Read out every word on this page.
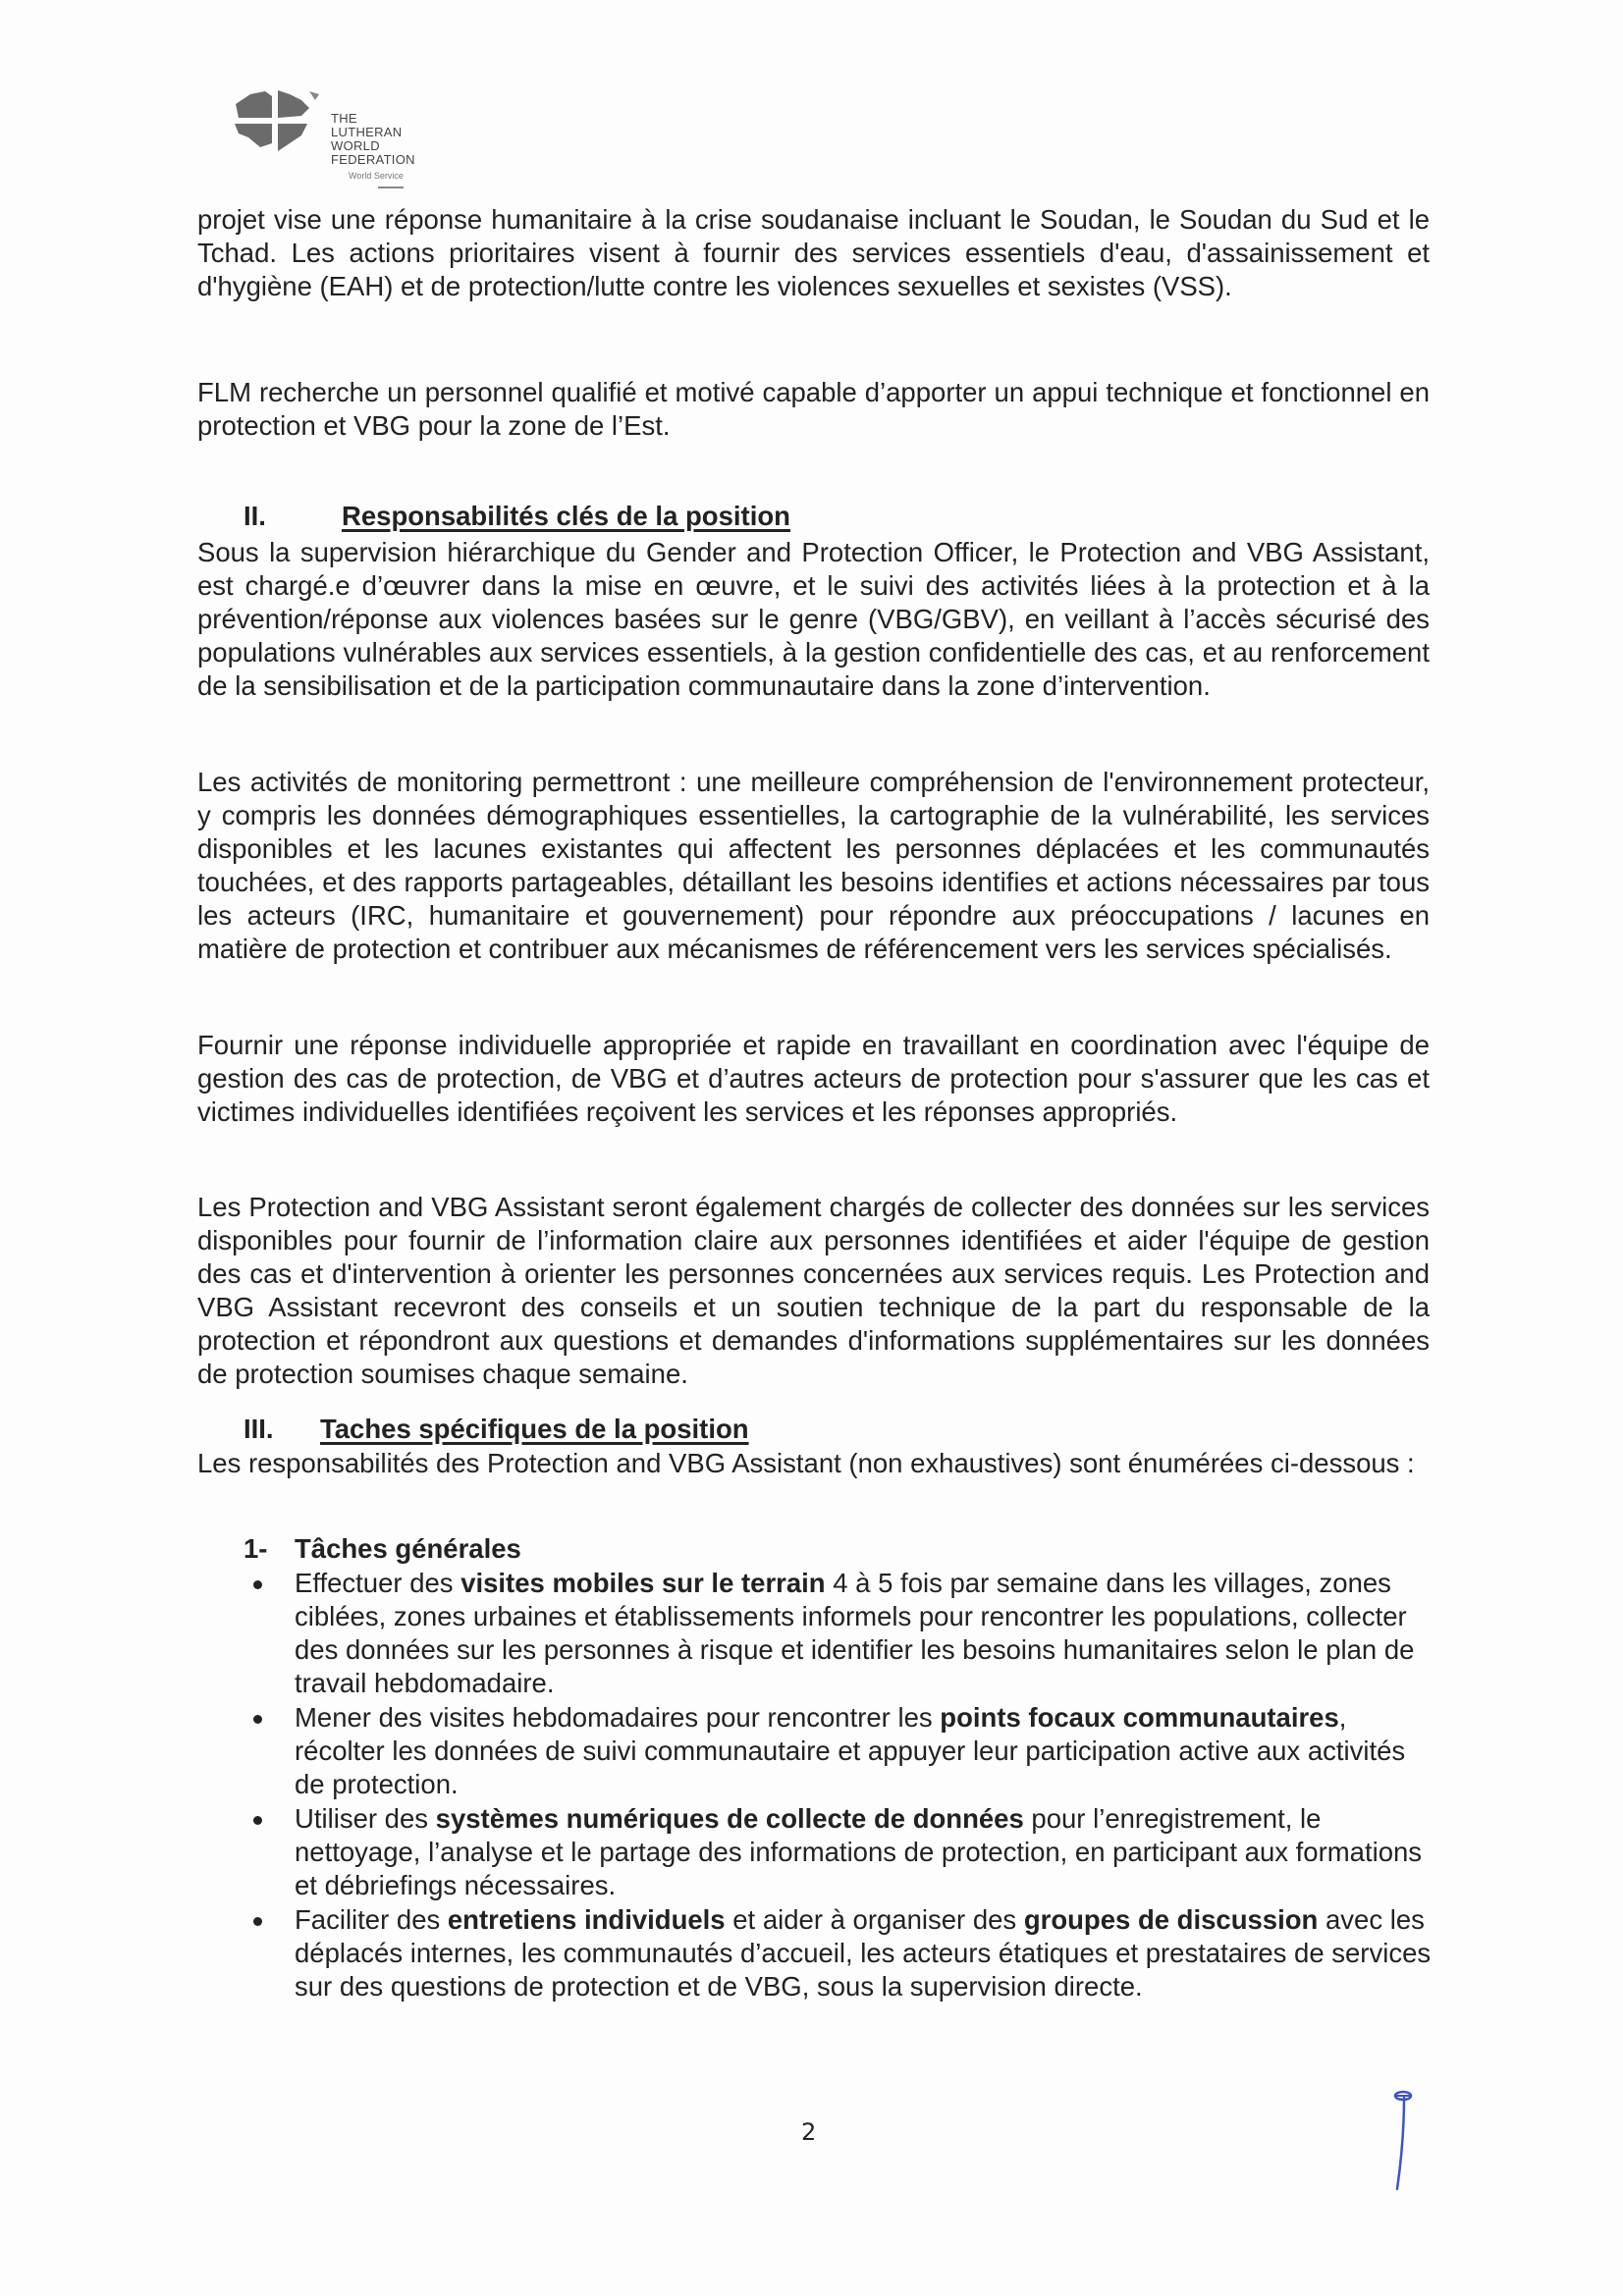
THE
LUTHERAN
WORLD
FEDERATION
World Service

projet vise une réponse humanitaire à la crise soudanaise incluant le Soudan, le Soudan du Sud et le Tchad. Les actions prioritaires visent à fournir des services essentiels d'eau, d'assainissement et d'hygiène (EAH) et de protection/lutte contre les violences sexuelles et sexistes (VSS).

FLM recherche un personnel qualifié et motivé capable d’apporter un appui technique et fonctionnel en protection et VBG pour la zone de l’Est.

II.	Responsabilités clés de la position

Sous la supervision hiérarchique du Gender and Protection Officer, le Protection and VBG Assistant, est chargé.e d’œuvrer dans la mise en œuvre, et le suivi des activités liées à la protection et à la prévention/réponse aux violences basées sur le genre (VBG/GBV), en veillant à l’accès sécurisé des populations vulnérables aux services essentiels, à la gestion confidentielle des cas, et au renforcement de la sensibilisation et de la participation communautaire dans la zone d’intervention.

Les activités de monitoring permettront : une meilleure compréhension de l'environnement protecteur, y compris les données démographiques essentielles, la cartographie de la vulnérabilité, les services disponibles et les lacunes existantes qui affectent les personnes déplacées et les communautés touchées, et des rapports partageables, détaillant les besoins identifies et actions nécessaires par tous les acteurs (IRC, humanitaire et gouvernement) pour répondre aux préoccupations / lacunes en matière de protection et contribuer aux mécanismes de référencement vers les services spécialisés.

Fournir une réponse individuelle appropriée et rapide en travaillant en coordination avec l'équipe de gestion des cas de protection, de VBG et d’autres acteurs de protection pour s'assurer que les cas et victimes individuelles identifiées reçoivent les services et les réponses appropriés.

Les Protection and VBG Assistant seront également chargés de collecter des données sur les services disponibles pour fournir de l’information claire aux personnes identifiées et aider l'équipe de gestion des cas et d'intervention à orienter les personnes concernées aux services requis. Les Protection and VBG Assistant recevront des conseils et un soutien technique de la part du responsable de la protection et répondront aux questions et demandes d'informations supplémentaires sur les données de protection soumises chaque semaine.

III. Taches spécifiques de la position

Les responsabilités des Protection and VBG Assistant (non exhaustives) sont énumérées ci-dessous :

1- Tâches générales
Effectuer des visites mobiles sur le terrain 4 à 5 fois par semaine dans les villages, zones ciblées, zones urbaines et établissements informels pour rencontrer les populations, collecter des données sur les personnes à risque et identifier les besoins humanitaires selon le plan de travail hebdomadaire.
Mener des visites hebdomadaires pour rencontrer les points focaux communautaires, récolter les données de suivi communautaire et appuyer leur participation active aux activités de protection.
Utiliser des systèmes numériques de collecte de données pour l’enregistrement, le nettoyage, l’analyse et le partage des informations de protection, en participant aux formations et débriefings nécessaires.
Faciliter des entretiens individuels et aider à organiser des groupes de discussion avec les déplacés internes, les communautés d’accueil, les acteurs étatiques et prestataires de services sur des questions de protection et de VBG, sous la supervision directe.
2
